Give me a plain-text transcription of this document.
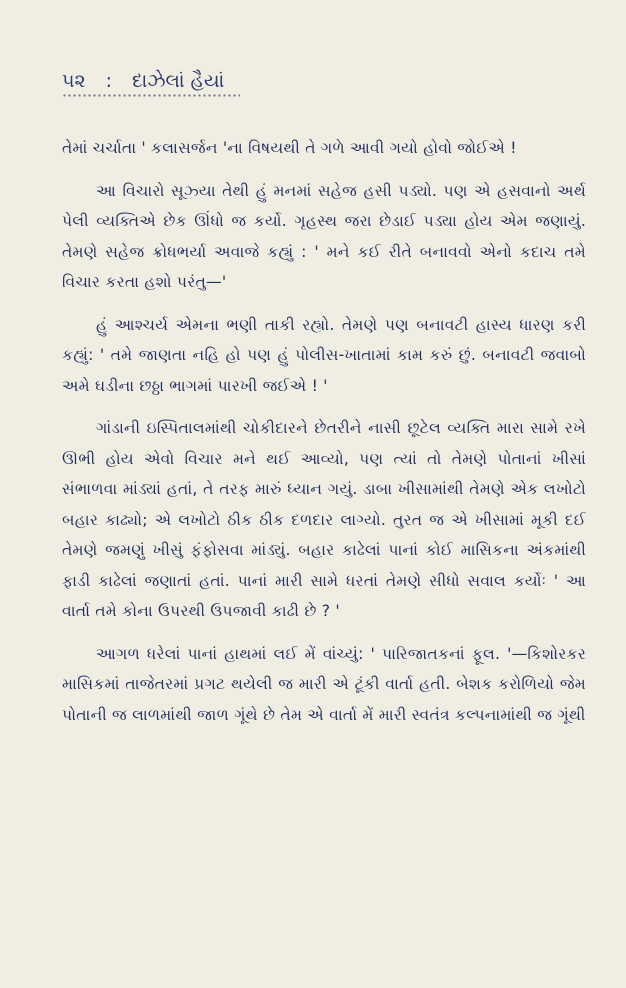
૫૨ : દાઝેલાં હૈયાં

તેમાં ચર્ચાતા ' કલાસર્જન 'ના વિષયથી તે ગળે આવી ગયો હોવો જોઈએ !

આ વિચારો સૂઝ્યા તેથી હું મનમાં સહેજ હસી પડ્યો. પણ એ હસવાનો અર્થ પેલી વ્યક્તિએ છેક ઊંધો જ કર્યો. ગૃહસ્થ જરા છેડાઈ પડ્યા હોય એમ જણાયું. તેમણે સહેજ ક્રોધભર્યા અવાજે કહ્યું : ' મને કઈ રીતે બનાવવો એનો કદાચ તમે વિચાર કરતા હશો પરંતુ—'

હું આશ્ચર્ય એમના ભણી તાકી રહ્યો. તેમણે પણ બનાવટી હાસ્ય ધારણ કરી કહ્યું: ' તમે જાણતા નહિ હો પણ હું પોલીસ-ખાતામાં કામ કરું છું. બનાવટી જવાબો અમે ઘડીના છઠ્ઠા ભાગમાં પારખી જઈએ ! '

ગાંડાની ઇસ્પિતાલમાંથી ચોકીદારને છેતરીને નાસી છૂટેલ વ્યક્તિ મારા સામે રખે ઊભી હોય એવો વિચાર મને થઈ આવ્યો, પણ ત્યાં તો તેમણે પોતાનાં ખીસાં સંભાળવા માંડ્યાં હતાં, તે તરફ મારું ધ્યાન ગયું. ડાબા ખીસામાંથી તેમણે એક લખોટો બહાર કાઢ્યો; એ લખોટો ઠીક ઠીક દળદાર લાગ્યો. તુરત જ એ ખીસામાં મૂકી દઈ તેમણે જમણું ખીસું ફંફોસવા માંડ્યું. બહાર કાઢેલાં પાનાં કોઈ માસિકના અંકમાંથી ફાડી કાઢેલાં જણાતાં હતાં. પાનાં મારી સામે ધરતાં તેમણે સીધો સવાલ કર્યોઃ ' આ વાર્તા તમે કોના ઉપરથી ઉપજાવી કાઢી છે ? '

આગળ ધરેલાં પાનાં હાથમાં લઈ મેં વાંચ્યું: ' પારિજાતકનાં ફૂલ. '—કિશોરકર માસિકમાં તાજેતરમાં પ્રગટ થયેલી જ મારી એ ટૂંકી વાર્તા હતી. બેશક કરોળિયો જેમ પોતાની જ લાળમાંથી જાળ ગૂંથે છે તેમ એ વાર્તા મેં મારી સ્વતંત્ર કલ્પનામાંથી જ ગૂંથી
